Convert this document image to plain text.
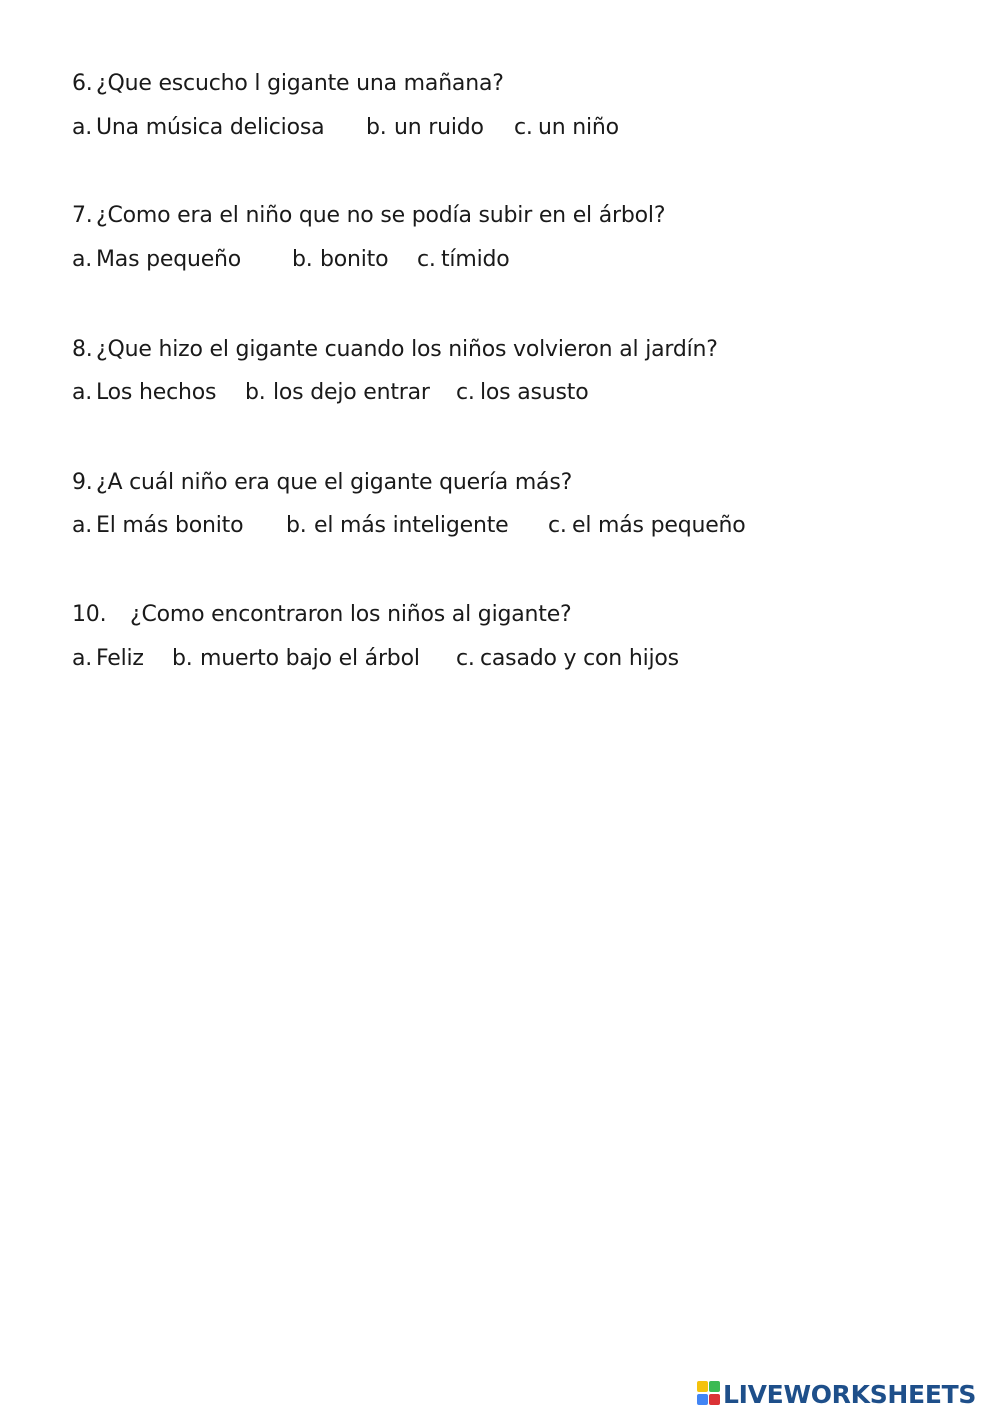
6. ¿Que escucho l gigante una mañana?
a. Una música deliciosa b. un ruido c. un niño
7. ¿Como era el niño que no se podía subir en el árbol?
a. Mas pequeño b. bonito c. tímido
8. ¿Que hizo el gigante cuando los niños volvieron al jardín?
a. Los hechos b. los dejo entrar c. los asusto
9. ¿A cuál niño era que el gigante quería más?
a. El más bonito b. el más inteligente c. el más pequeño
10. ¿Como encontraron los niños al gigante?
a. Feliz b. muerto bajo el árbol c. casado y con hijos
LIVEWORKSHEETS
